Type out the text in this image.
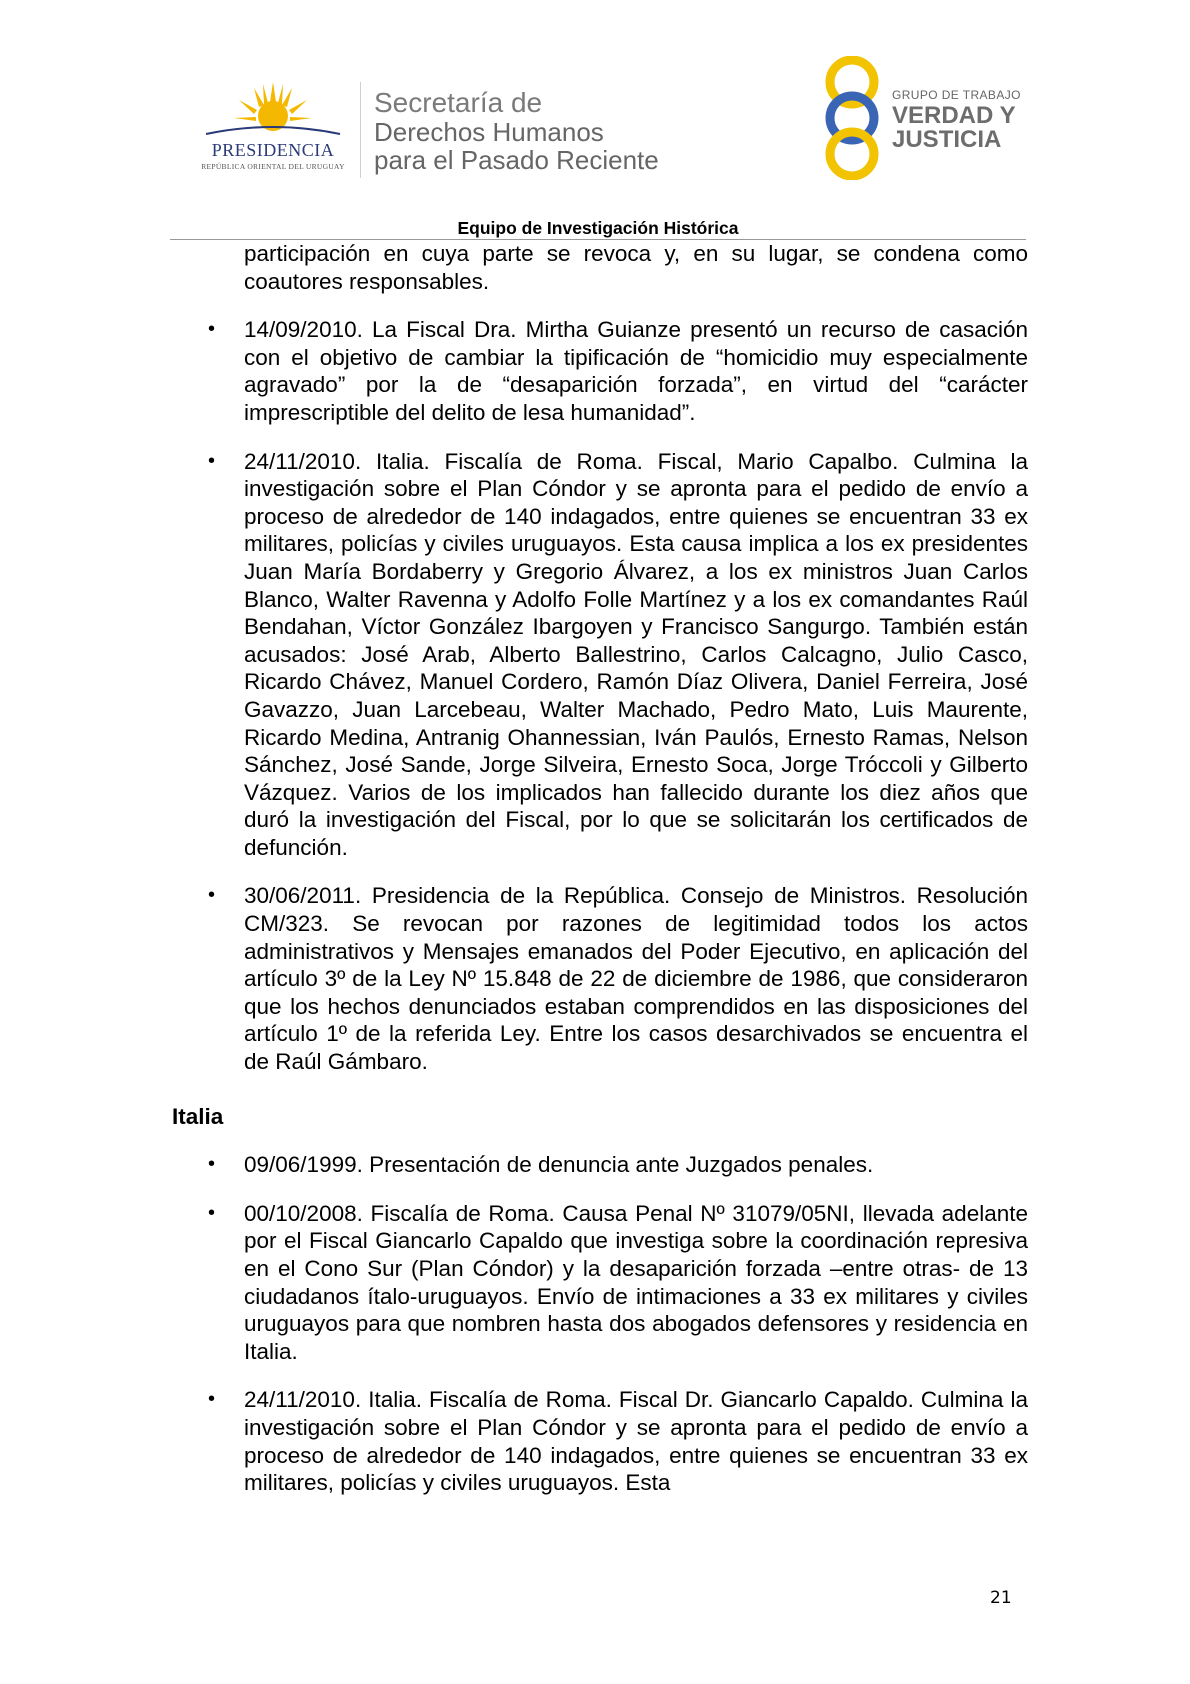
PRESIDENCIA
REPÚBLICA ORIENTAL DEL URUGUAY
Secretaría de
Derechos Humanos
para el Pasado Reciente
GRUPO DE TRABAJO
VERDAD Y
JUSTICIA
Equipo de Investigación Histórica

participación en cuya parte se revoca y, en su lugar, se condena como coautores responsables.

• 14/09/2010. La Fiscal Dra. Mirtha Guianze presentó un recurso de casación con el objetivo de cambiar la tipificación de “homicidio muy especialmente agravado” por la de “desaparición forzada”, en virtud del “carácter imprescriptible del delito de lesa humanidad”.

• 24/11/2010. Italia. Fiscalía de Roma. Fiscal, Mario Capalbo. Culmina la investigación sobre el Plan Cóndor y se apronta para el pedido de envío a proceso de alrededor de 140 indagados, entre quienes se encuentran 33 ex militares, policías y civiles uruguayos. Esta causa implica a los ex presidentes Juan María Bordaberry y Gregorio Álvarez, a los ex ministros Juan Carlos Blanco, Walter Ravenna y Adolfo Folle Martínez y a los ex comandantes Raúl Bendahan, Víctor González Ibargoyen y Francisco Sangurgo. También están acusados: José Arab, Alberto Ballestrino, Carlos Calcagno, Julio Casco, Ricardo Chávez, Manuel Cordero, Ramón Díaz Olivera, Daniel Ferreira, José Gavazzo, Juan Larcebeau, Walter Machado, Pedro Mato, Luis Maurente, Ricardo Medina, Antranig Ohannessian, Iván Paulós, Ernesto Ramas, Nelson Sánchez, José Sande, Jorge Silveira, Ernesto Soca, Jorge Tróccoli y Gilberto Vázquez. Varios de los implicados han fallecido durante los diez años que duró la investigación del Fiscal, por lo que se solicitarán los certificados de defunción.

• 30/06/2011. Presidencia de la República. Consejo de Ministros. Resolución CM/323. Se revocan por razones de legitimidad todos los actos administrativos y Mensajes emanados del Poder Ejecutivo, en aplicación del artículo 3º de la Ley Nº 15.848 de 22 de diciembre de 1986, que consideraron que los hechos denunciados estaban comprendidos en las disposiciones del artículo 1º de la referida Ley. Entre los casos desarchivados se encuentra el de Raúl Gámbaro.

Italia
• 09/06/1999. Presentación de denuncia ante Juzgados penales.

• 00/10/2008. Fiscalía de Roma. Causa Penal Nº 31079/05NI, llevada adelante por el Fiscal Giancarlo Capaldo que investiga sobre la coordinación represiva en el Cono Sur (Plan Cóndor) y la desaparición forzada –entre otras- de 13 ciudadanos ítalo-uruguayos. Envío de intimaciones a 33 ex militares y civiles uruguayos para que nombren hasta dos abogados defensores y residencia en Italia.

• 24/11/2010. Italia. Fiscalía de Roma. Fiscal Dr. Giancarlo Capaldo. Culmina la investigación sobre el Plan Cóndor y se apronta para el pedido de envío a proceso de alrededor de 140 indagados, entre quienes se encuentran 33 ex militares, policías y civiles uruguayos. Esta

21
